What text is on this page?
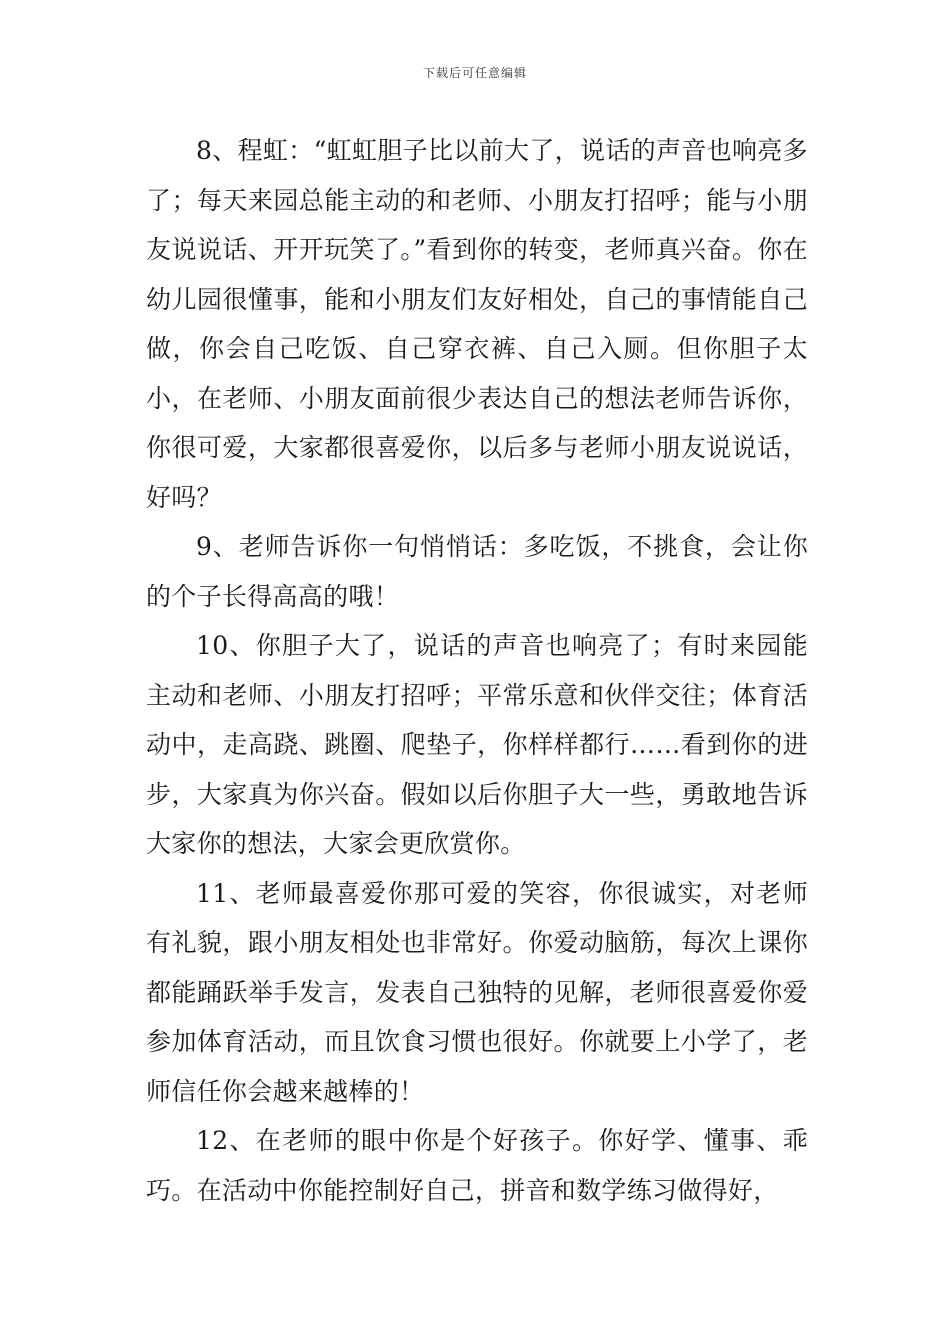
下载后可任意编辑

8、程虹：“虹虹胆子比以前大了，说话的声音也响亮多了；每天来园总能主动的和老师、小朋友打招呼；能与小朋友说说话、开开玩笑了。”看到你的转变，老师真兴奋。你在幼儿园很懂事，能和小朋友们友好相处，自己的事情能自己做，你会自己吃饭、自己穿衣裤、自己入厕。但你胆子太小，在老师、小朋友面前很少表达自己的想法老师告诉你，你很可爱，大家都很喜爱你，以后多与老师小朋友说说话，好吗？

9、老师告诉你一句悄悄话：多吃饭，不挑食，会让你的个子长得高高的哦！

10、你胆子大了，说话的声音也响亮了；有时来园能主动和老师、小朋友打招呼；平常乐意和伙伴交往；体育活动中，走高跷、跳圈、爬垫子，你样样都行……看到你的进步，大家真为你兴奋。假如以后你胆子大一些，勇敢地告诉大家你的想法，大家会更欣赏你。

11、老师最喜爱你那可爱的笑容，你很诚实，对老师有礼貌，跟小朋友相处也非常好。你爱动脑筋，每次上课你都能踊跃举手发言，发表自己独特的见解，老师很喜爱你爱参加体育活动，而且饮食习惯也很好。你就要上小学了，老师信任你会越来越棒的！

12、在老师的眼中你是个好孩子。你好学、懂事、乖巧。在活动中你能控制好自己，拼音和数学练习做得好，
